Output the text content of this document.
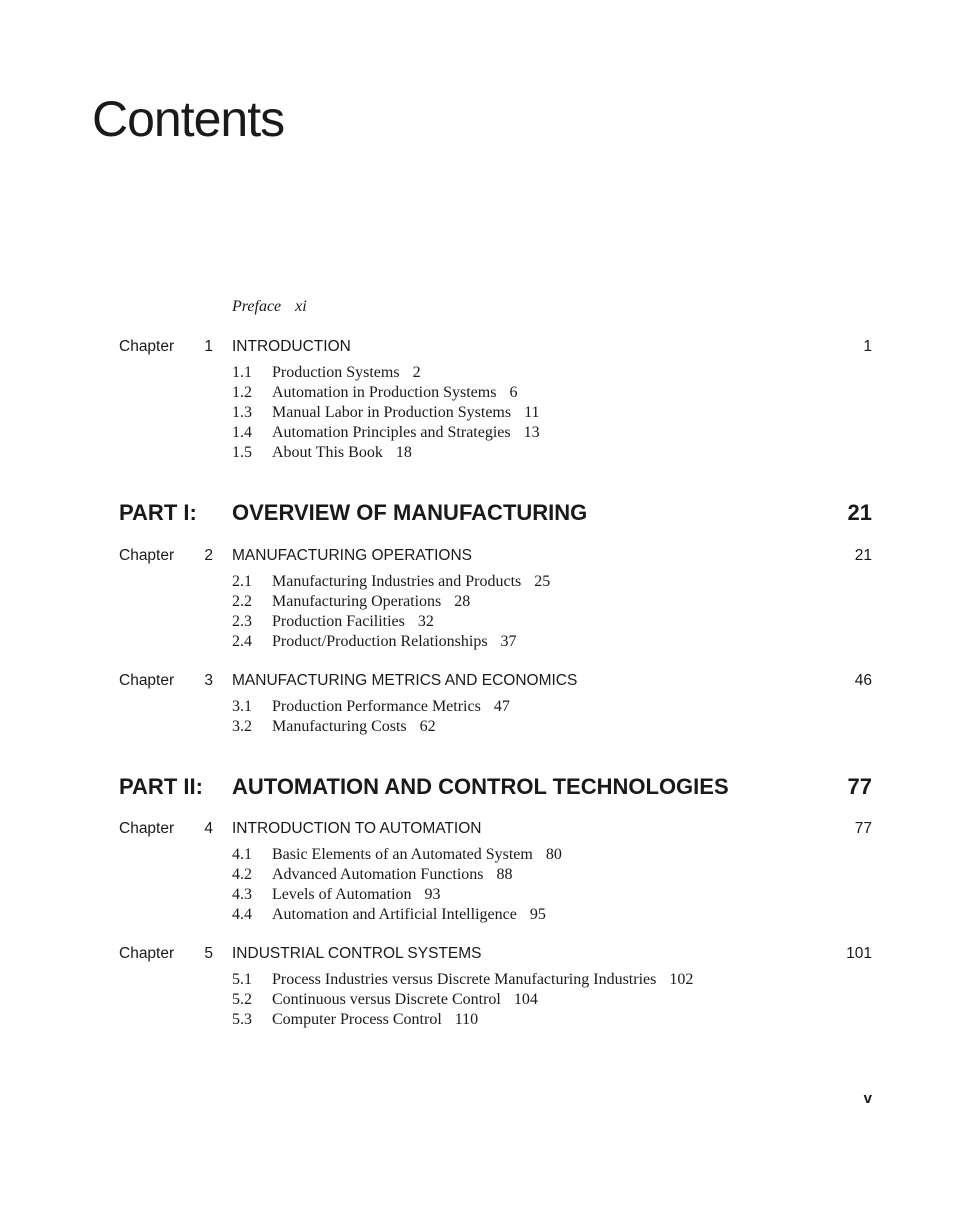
Contents
Preface xi
Chapter 1 INTRODUCTION	1
1.1 Production Systems 2
1.2 Automation in Production Systems 6
1.3 Manual Labor in Production Systems 11
1.4 Automation Principles and Strategies 13
1.5 About This Book 18
PART I: OVERVIEW OF MANUFACTURING	21
Chapter 2 MANUFACTURING OPERATIONS	21
2.1 Manufacturing Industries and Products 25
2.2 Manufacturing Operations 28
2.3 Production Facilities 32
2.4 Product/Production Relationships 37
Chapter 3 MANUFACTURING METRICS AND ECONOMICS	46
3.1 Production Performance Metrics 47
3.2 Manufacturing Costs 62
PART II: AUTOMATION AND CONTROL TECHNOLOGIES	77
Chapter 4 INTRODUCTION TO AUTOMATION	77
4.1 Basic Elements of an Automated System 80
4.2 Advanced Automation Functions 88
4.3 Levels of Automation 93
4.4 Automation and Artificial Intelligence 95
Chapter 5 INDUSTRIAL CONTROL SYSTEMS	101
5.1 Process Industries versus Discrete Manufacturing Industries 102
5.2 Continuous versus Discrete Control 104
5.3 Computer Process Control 110
v
